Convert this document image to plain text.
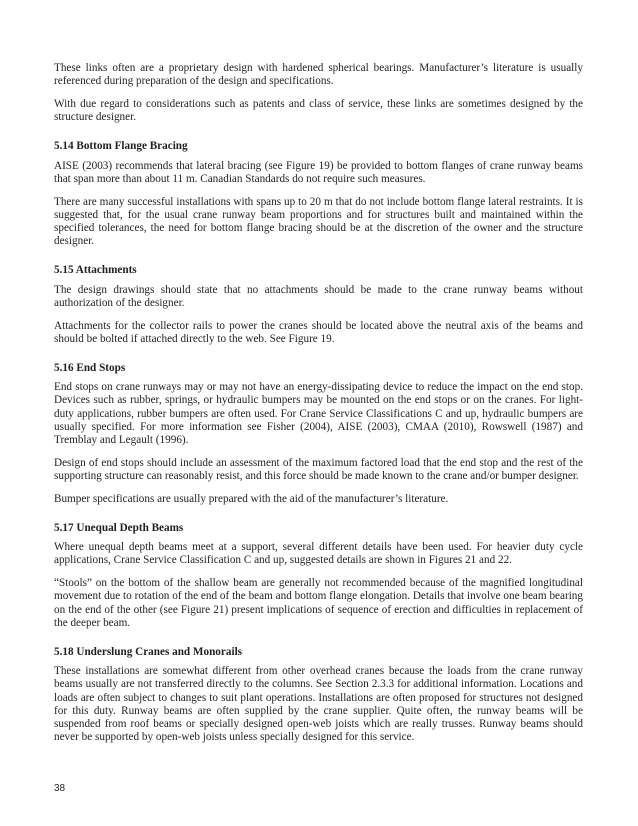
These links often are a proprietary design with hardened spherical bearings. Manufacturer’s literature is usually referenced during preparation of the design and specifications.

With due regard to considerations such as patents and class of service, these links are sometimes designed by the structure designer.

5.14 Bottom Flange Bracing

AISE (2003) recommends that lateral bracing (see Figure 19) be provided to bottom flanges of crane runway beams that span more than about 11 m. Canadian Standards do not require such measures.

There are many successful installations with spans up to 20 m that do not include bottom flange lateral restraints. It is suggested that, for the usual crane runway beam proportions and for structures built and maintained within the specified tolerances, the need for bottom flange bracing should be at the discretion of the owner and the structure designer.

5.15 Attachments

The design drawings should state that no attachments should be made to the crane runway beams without authorization of the designer.

Attachments for the collector rails to power the cranes should be located above the neutral axis of the beams and should be bolted if attached directly to the web. See Figure 19.

5.16 End Stops

End stops on crane runways may or may not have an energy-dissipating device to reduce the impact on the end stop. Devices such as rubber, springs, or hydraulic bumpers may be mounted on the end stops or on the cranes. For light-duty applications, rubber bumpers are often used. For Crane Service Classifications C and up, hydraulic bumpers are usually specified. For more information see Fisher (2004), AISE (2003), CMAA (2010), Rowswell (1987) and Tremblay and Legault (1996).

Design of end stops should include an assessment of the maximum factored load that the end stop and the rest of the supporting structure can reasonably resist, and this force should be made known to the crane and/or bumper designer.

Bumper specifications are usually prepared with the aid of the manufacturer’s literature.

5.17 Unequal Depth Beams

Where unequal depth beams meet at a support, several different details have been used. For heavier duty cycle applications, Crane Service Classification C and up, suggested details are shown in Figures 21 and 22.

“Stools” on the bottom of the shallow beam are generally not recommended because of the magnified longitudinal movement due to rotation of the end of the beam and bottom flange elongation. Details that involve one beam bearing on the end of the other (see Figure 21) present implications of sequence of erection and difficulties in replacement of the deeper beam.

5.18 Underslung Cranes and Monorails

These installations are somewhat different from other overhead cranes because the loads from the crane runway beams usually are not transferred directly to the columns. See Section 2.3.3 for additional information. Locations and loads are often subject to changes to suit plant operations. Installations are often proposed for structures not designed for this duty. Runway beams are often supplied by the crane supplier. Quite often, the runway beams will be suspended from roof beams or specially designed open-web joists which are really trusses. Runway beams should never be supported by open-web joists unless specially designed for this service.

38
